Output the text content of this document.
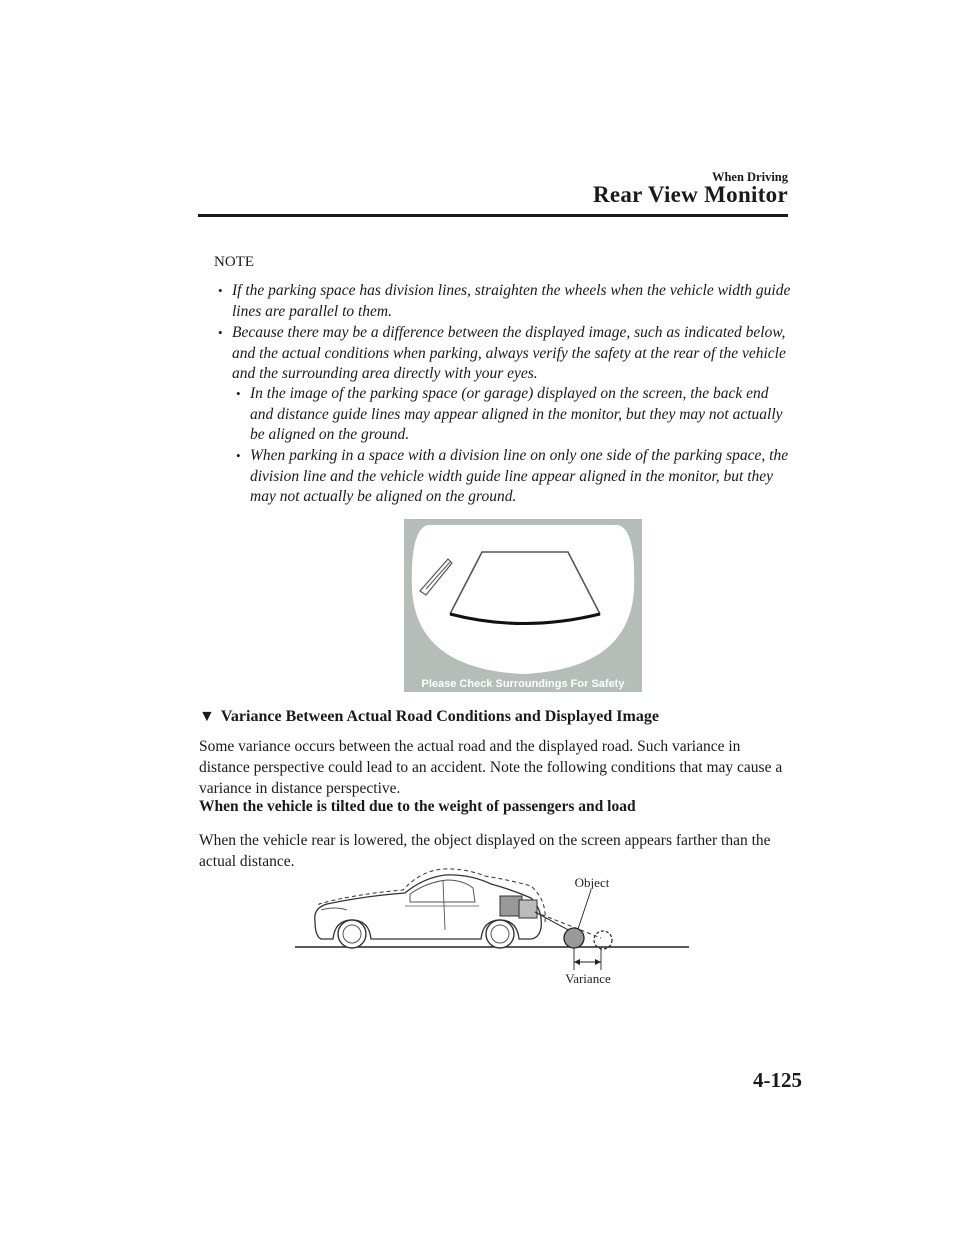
When Driving
Rear View Monitor
NOTE
• If the parking space has division lines, straighten the wheels when the vehicle width guide lines are parallel to them.
• Because there may be a difference between the displayed image, such as indicated below, and the actual conditions when parking, always verify the safety at the rear of the vehicle and the surrounding area directly with your eyes.
• In the image of the parking space (or garage) displayed on the screen, the back end and distance guide lines may appear aligned in the monitor, but they may not actually be aligned on the ground.
• When parking in a space with a division line on only one side of the parking space, the division line and the vehicle width guide line appear aligned in the monitor, but they may not actually be aligned on the ground.
Please Check Surroundings For Safety
▼ Variance Between Actual Road Conditions and Displayed Image
Some variance occurs between the actual road and the displayed road. Such variance in distance perspective could lead to an accident. Note the following conditions that may cause a variance in distance perspective.
When the vehicle is tilted due to the weight of passengers and load
When the vehicle rear is lowered, the object displayed on the screen appears farther than the actual distance.
Object
Variance
4-125
